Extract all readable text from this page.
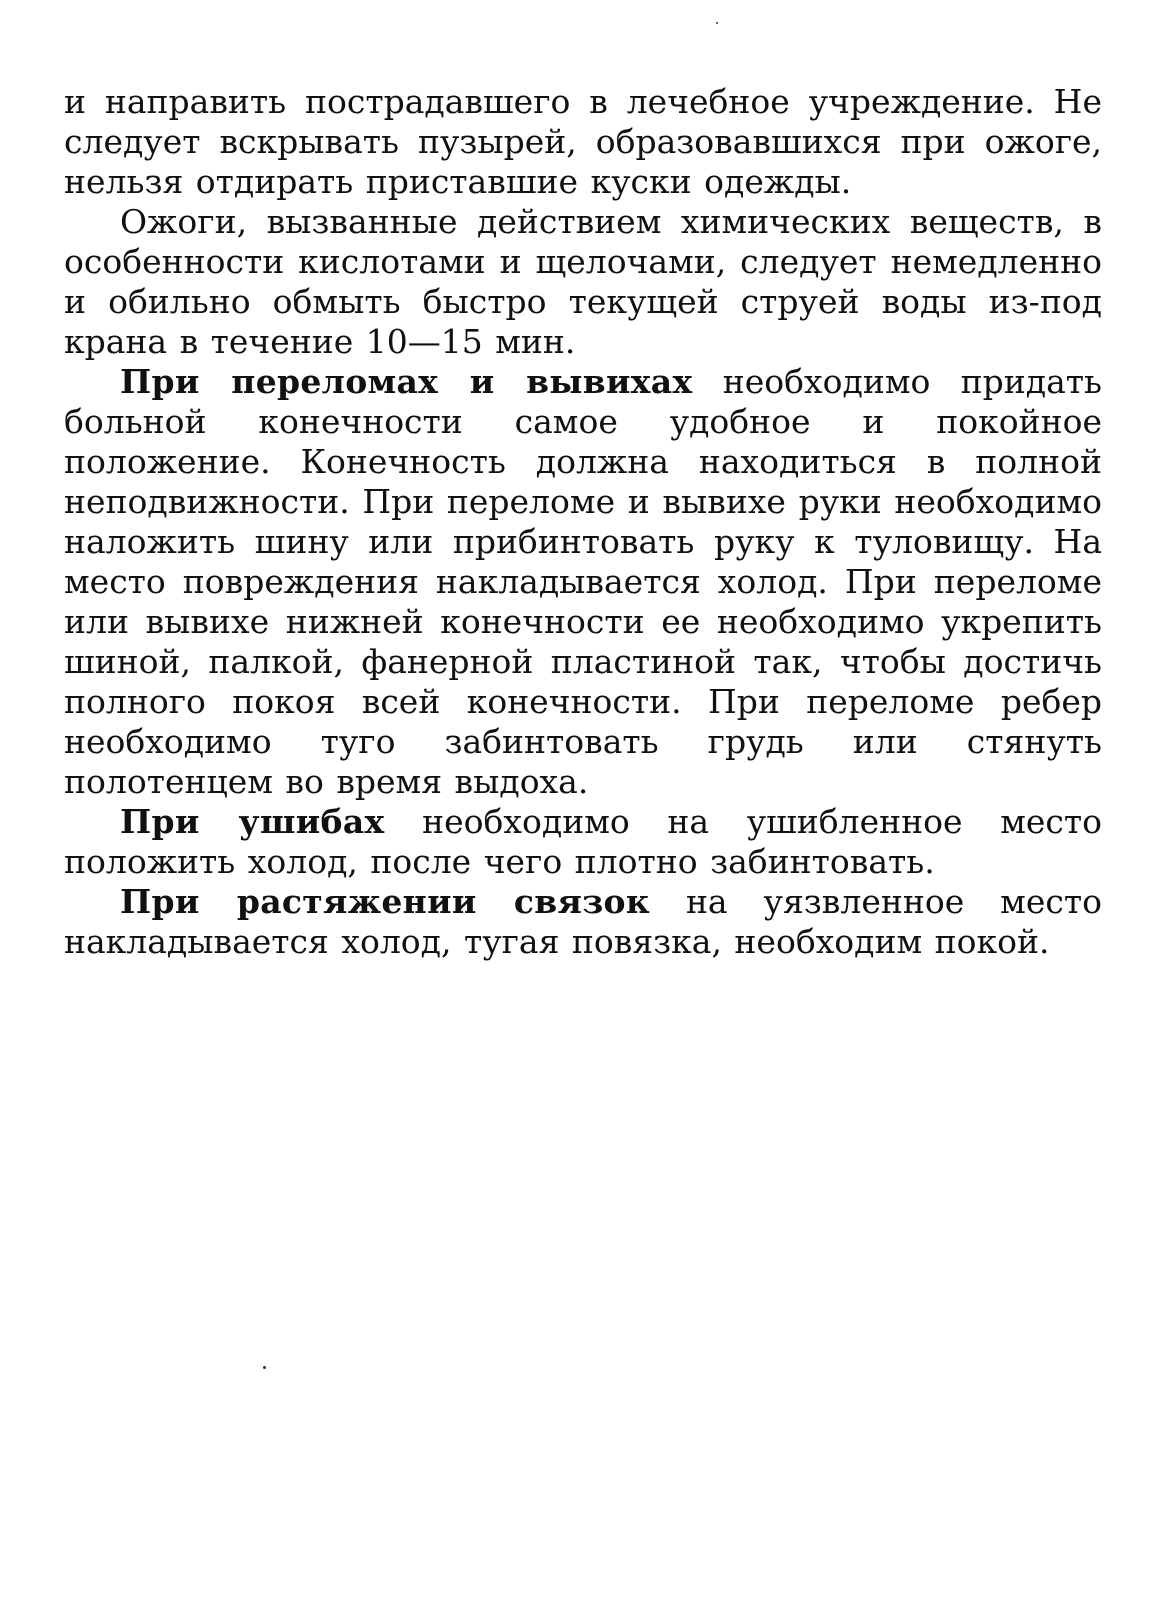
и направить пострадавшего в лечебное учреждение. Не следует вскрывать пузырей, образовавшихся при ожоге, нельзя отдирать приставшие куски одежды.

Ожоги, вызванные действием химических веществ, в особенности кислотами и щелочами, следует немедленно и обильно обмыть быстро текущей струей воды из-под крана в течение 10—15 мин.

При переломах и вывихах необходимо придать больной конечности самое удобное и покойное положение. Конечность должна находиться в полной неподвижности. При переломе и вывихе руки необходимо наложить шину или прибинтовать руку к туловищу. На место повреждения накладывается холод. При переломе или вывихе нижней конечности ее необходимо укрепить шиной, палкой, фанерной пластиной так, чтобы достичь полного покоя всей конечности. При переломе ребер необходимо туго забинтовать грудь или стянуть полотенцем во время выдоха.

При ушибах необходимо на ушибленное место положить холод, после чего плотно забинтовать.

При растяжении связок на уязвленное место накладывается холод, тугая повязка, необходим покой.
